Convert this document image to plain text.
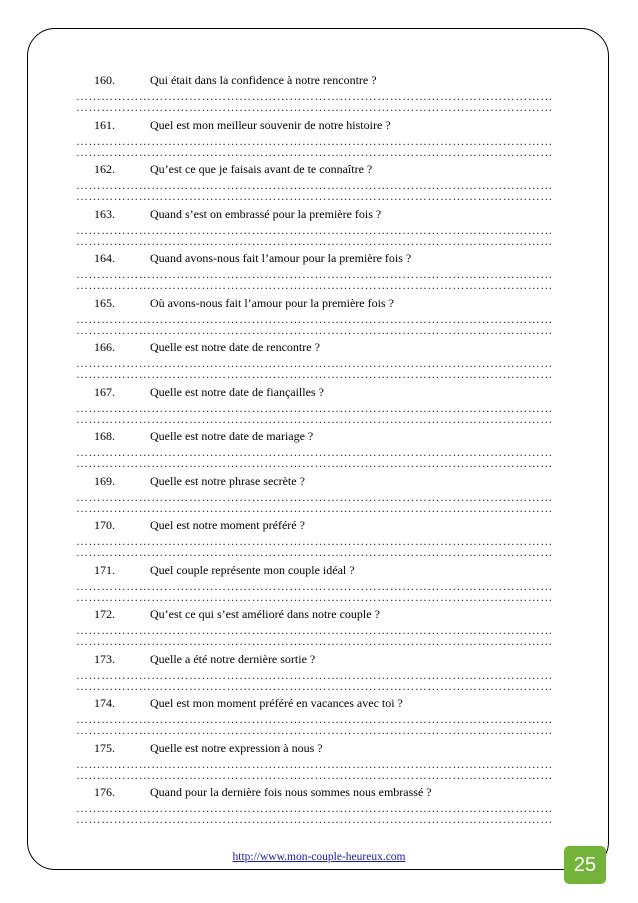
160.	Qui était dans la confidence à notre rencontre ?
……………………………………………………………………………………………………
……………………………………………………………………………………………………
161.	Quel est mon meilleur souvenir de notre histoire ?
……………………………………………………………………………………………………
……………………………………………………………………………………………………
162.	Qu’est ce que je faisais avant de te connaître ?
……………………………………………………………………………………………………
……………………………………………………………………………………………………
163.	Quand s’est on embrassé pour la première fois ?
……………………………………………………………………………………………………
……………………………………………………………………………………………………
164.	Quand avons-nous fait l’amour pour la première fois ?
……………………………………………………………………………………………………
……………………………………………………………………………………………………
165.	Où avons-nous fait l’amour pour la première fois ?
……………………………………………………………………………………………………
……………………………………………………………………………………………………
166.	Quelle est notre date de rencontre ?
……………………………………………………………………………………………………
……………………………………………………………………………………………………
167.	Quelle est notre date de fiançailles ?
……………………………………………………………………………………………………
……………………………………………………………………………………………………
168.	Quelle est notre date de mariage ?
……………………………………………………………………………………………………
……………………………………………………………………………………………………
169.	Quelle est notre phrase secrète ?
……………………………………………………………………………………………………
……………………………………………………………………………………………………
170.	Quel est notre moment préféré ?
……………………………………………………………………………………………………
……………………………………………………………………………………………………
171.	Quel couple représente mon couple idéal ?
……………………………………………………………………………………………………
……………………………………………………………………………………………………
172.	Qu’est ce qui s’est amélioré dans notre couple ?
……………………………………………………………………………………………………
……………………………………………………………………………………………………
173.	Quelle a été notre dernière sortie ?
……………………………………………………………………………………………………
……………………………………………………………………………………………………
174.	Quel est mon moment préféré en vacances avec toi ?
……………………………………………………………………………………………………
……………………………………………………………………………………………………
175.	Quelle est notre expression à nous ?
……………………………………………………………………………………………………
……………………………………………………………………………………………………
176.	Quand pour la dernière fois nous sommes nous embrassé ?
……………………………………………………………………………………………………
……………………………………………………………………………………………………
http://www.mon-couple-heureux.com	25
